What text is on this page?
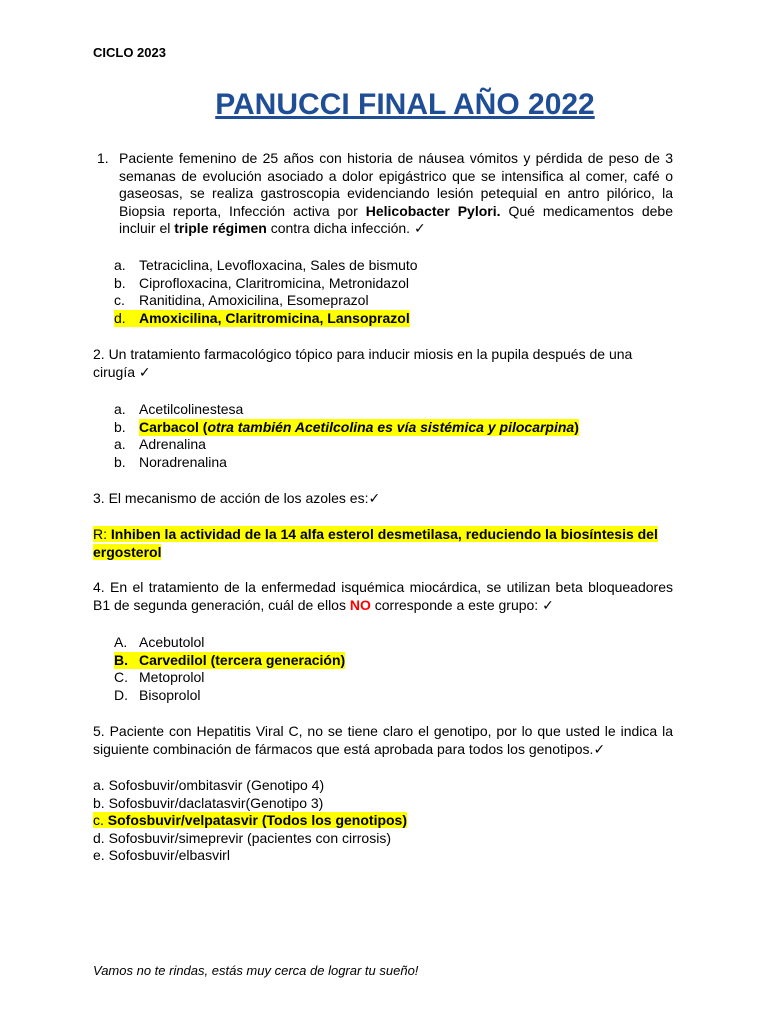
CICLO 2023
PANUCCI FINAL AÑO 2022
1. Paciente femenino de 25 años con historia de náusea vómitos y pérdida de peso de 3 semanas de evolución asociado a dolor epigástrico que se intensifica al comer, café o gaseosas, se realiza gastroscopia evidenciando lesión petequial en antro pilórico, la Biopsia reporta, Infección activa por Helicobacter Pylori. Qué medicamentos debe incluir el triple régimen contra dicha infección. ✓
a. Tetraciclina, Levofloxacina, Sales de bismuto
b. Ciprofloxacina, Claritromicina, Metronidazol
c.	Ranitidina, Amoxicilina, Esomeprazol
d. Amoxicilina, Claritromicina, Lansoprazol
2. Un tratamiento farmacológico tópico para inducir miosis en la pupila después de una cirugía ✓
a. Acetilcolinestesa
b. Carbacol (otra también Acetilcolina es vía sistémica y pilocarpina)
a. Adrenalina
b. Noradrenalina
3. El mecanismo de acción de los azoles es:✓
R: Inhiben la actividad de la 14 alfa esterol desmetilasa, reduciendo la biosíntesis del ergosterol
4. En el tratamiento de la enfermedad isquémica miocárdica, se utilizan beta bloqueadores B1 de segunda generación, cuál de ellos NO corresponde a este grupo: ✓
A. Acebutolol
B. Carvedilol (tercera generación)
C. Metoprolol
D. Bisoprolol
5. Paciente con Hepatitis Viral C, no se tiene claro el genotipo, por lo que usted le indica la siguiente combinación de fármacos que está aprobada para todos los genotipos.✓
a. Sofosbuvir/ombitasvir (Genotipo 4)
b. Sofosbuvir/daclatasvir(Genotipo 3)
c. Sofosbuvir/velpatasvir (Todos los genotipos)
d. Sofosbuvir/simeprevir (pacientes con cirrosis)
e. Sofosbuvir/elbasvirl
Vamos no te rindas, estás muy cerca de lograr tu sueño!
